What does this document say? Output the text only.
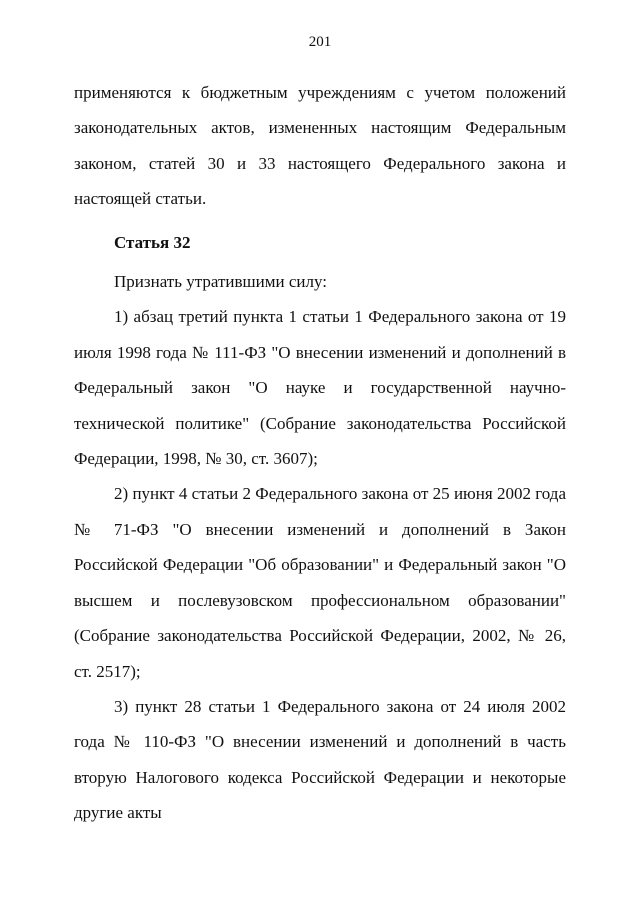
201

применяются к бюджетным учреждениям с учетом положений законодательных актов, измененных настоящим Федеральным законом, статей 30 и 33 настоящего Федерального закона и настоящей статьи.

Статья 32

Признать утратившими силу:

1) абзац третий пункта 1 статьи 1 Федерального закона от 19 июля 1998 года № 111-ФЗ "О внесении изменений и дополнений в Федеральный закон "О науке и государственной научно-технической политике" (Собрание законодательства Российской Федерации, 1998, № 30, ст. 3607);

2) пункт 4 статьи 2 Федерального закона от 25 июня 2002 года № 71-ФЗ "О внесении изменений и дополнений в Закон Российской Федерации "Об образовании" и Федеральный закон "О высшем и послевузовском профессиональном образовании" (Собрание законодательства Российской Федерации, 2002, № 26, ст. 2517);

3) пункт 28 статьи 1 Федерального закона от 24 июля 2002 года № 110-ФЗ "О внесении изменений и дополнений в часть вторую Налогового кодекса Российской Федерации и некоторые другие акты
